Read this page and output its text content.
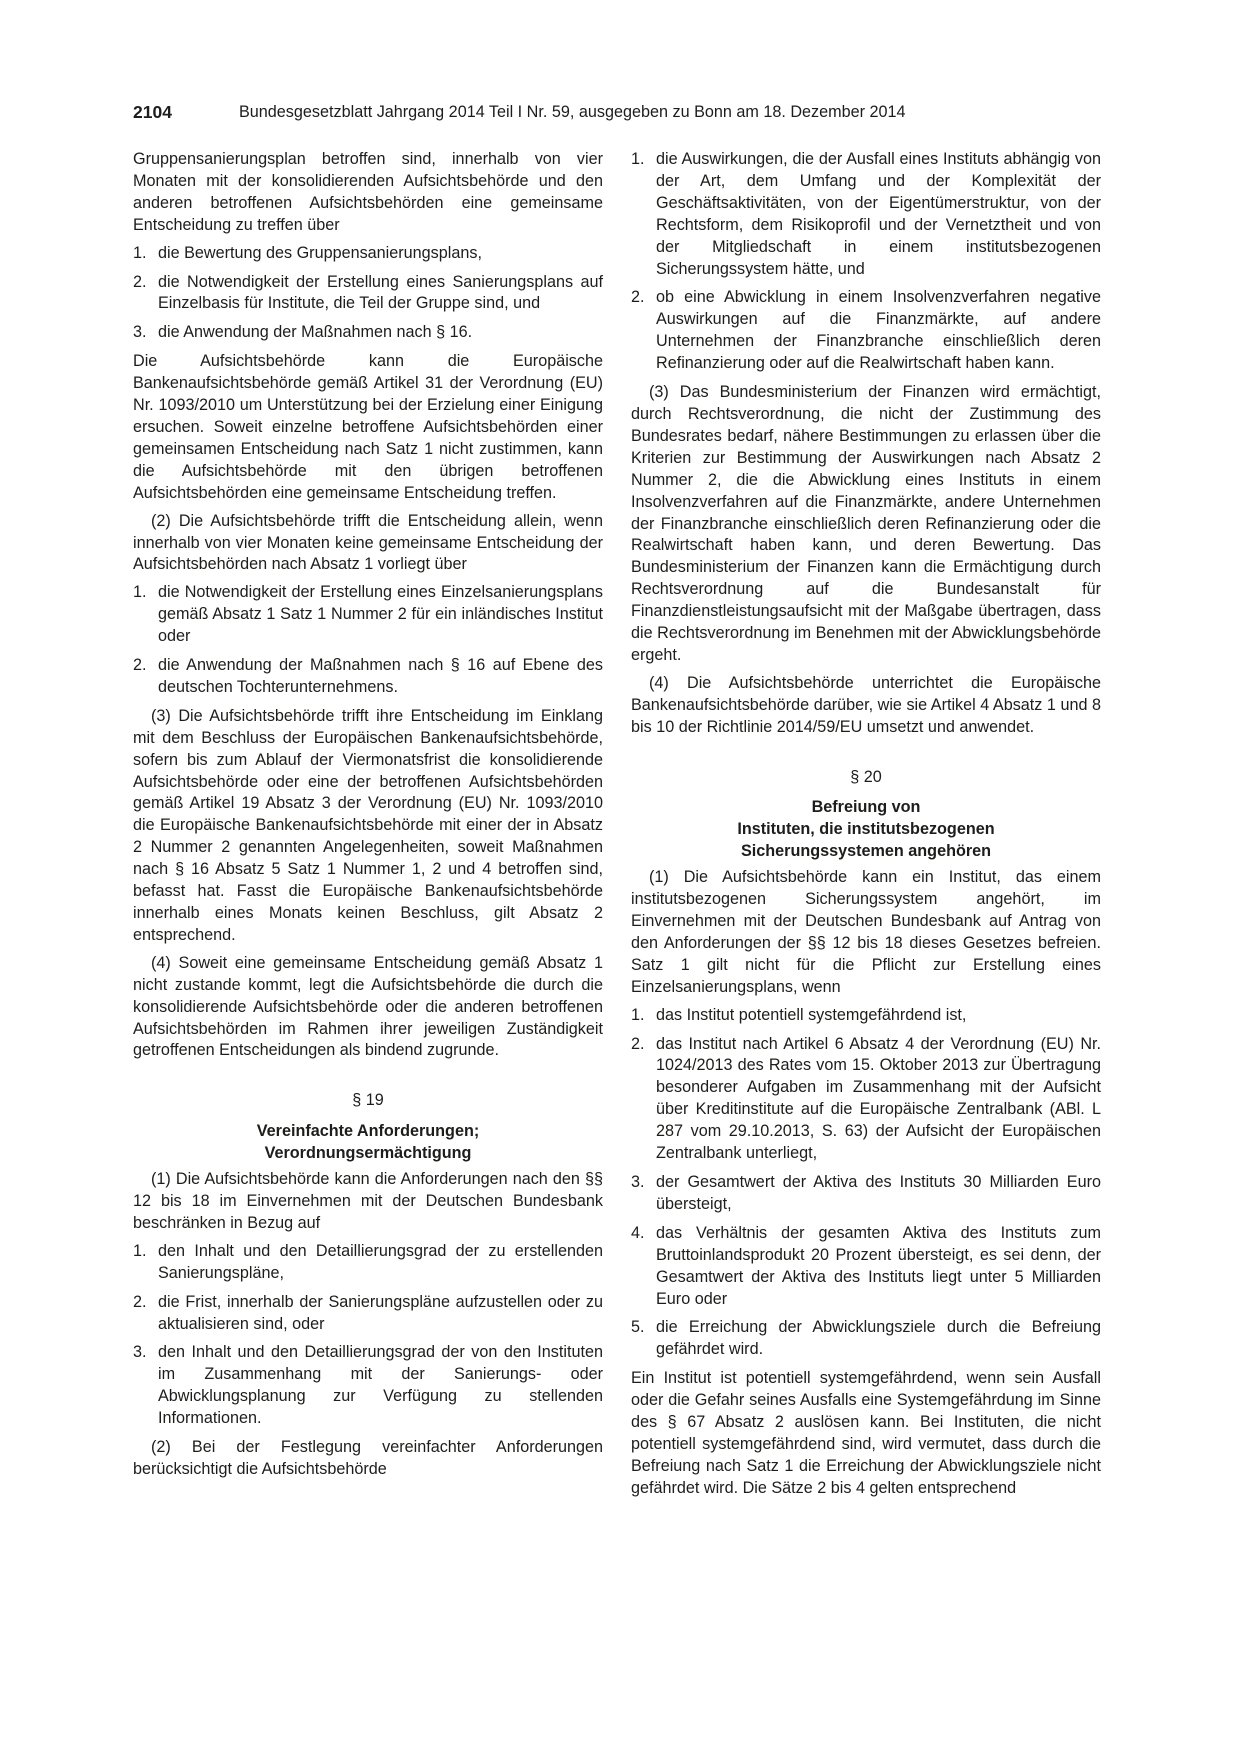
2104	Bundesgesetzblatt Jahrgang 2014 Teil I Nr. 59, ausgegeben zu Bonn am 18. Dezember 2014

Gruppensanierungsplan betroffen sind, innerhalb von vier Monaten mit der konsolidierenden Aufsichtsbehörde und den anderen betroffenen Aufsichtsbehörden eine gemeinsame Entscheidung zu treffen über

1. die Bewertung des Gruppensanierungsplans,
2. die Notwendigkeit der Erstellung eines Sanierungsplans auf Einzelbasis für Institute, die Teil der Gruppe sind, und
3. die Anwendung der Maßnahmen nach § 16.

Die Aufsichtsbehörde kann die Europäische Bankenaufsichtsbehörde gemäß Artikel 31 der Verordnung (EU) Nr. 1093/2010 um Unterstützung bei der Erzielung einer Einigung ersuchen. Soweit einzelne betroffene Aufsichtsbehörden einer gemeinsamen Entscheidung nach Satz 1 nicht zustimmen, kann die Aufsichtsbehörde mit den übrigen betroffenen Aufsichtsbehörden eine gemeinsame Entscheidung treffen.

(2) Die Aufsichtsbehörde trifft die Entscheidung allein, wenn innerhalb von vier Monaten keine gemeinsame Entscheidung der Aufsichtsbehörden nach Absatz 1 vorliegt über

1. die Notwendigkeit der Erstellung eines Einzelsanierungsplans gemäß Absatz 1 Satz 1 Nummer 2 für ein inländisches Institut oder
2. die Anwendung der Maßnahmen nach § 16 auf Ebene des deutschen Tochterunternehmens.

(3) Die Aufsichtsbehörde trifft ihre Entscheidung im Einklang mit dem Beschluss der Europäischen Bankenaufsichtsbehörde, sofern bis zum Ablauf der Viermonatsfrist die konsolidierende Aufsichtsbehörde oder eine der betroffenen Aufsichtsbehörden gemäß Artikel 19 Absatz 3 der Verordnung (EU) Nr. 1093/2010 die Europäische Bankenaufsichtsbehörde mit einer der in Absatz 2 Nummer 2 genannten Angelegenheiten, soweit Maßnahmen nach § 16 Absatz 5 Satz 1 Nummer 1, 2 und 4 betroffen sind, befasst hat. Fasst die Europäische Bankenaufsichtsbehörde innerhalb eines Monats keinen Beschluss, gilt Absatz 2 entsprechend.

(4) Soweit eine gemeinsame Entscheidung gemäß Absatz 1 nicht zustande kommt, legt die Aufsichtsbehörde die durch die konsolidierende Aufsichtsbehörde oder die anderen betroffenen Aufsichtsbehörden im Rahmen ihrer jeweiligen Zuständigkeit getroffenen Entscheidungen als bindend zugrunde.

§ 19
Vereinfachte Anforderungen;
Verordnungsermächtigung

(1) Die Aufsichtsbehörde kann die Anforderungen nach den §§ 12 bis 18 im Einvernehmen mit der Deutschen Bundesbank beschränken in Bezug auf

1. den Inhalt und den Detaillierungsgrad der zu erstellenden Sanierungspläne,
2. die Frist, innerhalb der Sanierungspläne aufzustellen oder zu aktualisieren sind, oder
3. den Inhalt und den Detaillierungsgrad der von den Instituten im Zusammenhang mit der Sanierungs- oder Abwicklungsplanung zur Verfügung zu stellenden Informationen.

(2) Bei der Festlegung vereinfachter Anforderungen berücksichtigt die Aufsichtsbehörde

1. die Auswirkungen, die der Ausfall eines Instituts abhängig von der Art, dem Umfang und der Komplexität der Geschäftsaktivitäten, von der Eigentümerstruktur, von der Rechtsform, dem Risikoprofil und der Vernetztheit und von der Mitgliedschaft in einem institutsbezogenen Sicherungssystem hätte, und
2. ob eine Abwicklung in einem Insolvenzverfahren negative Auswirkungen auf die Finanzmärkte, auf andere Unternehmen der Finanzbranche einschließlich deren Refinanzierung oder auf die Realwirtschaft haben kann.

(3) Das Bundesministerium der Finanzen wird ermächtigt, durch Rechtsverordnung, die nicht der Zustimmung des Bundesrates bedarf, nähere Bestimmungen zu erlassen über die Kriterien zur Bestimmung der Auswirkungen nach Absatz 2 Nummer 2, die die Abwicklung eines Instituts in einem Insolvenzverfahren auf die Finanzmärkte, andere Unternehmen der Finanzbranche einschließlich deren Refinanzierung oder die Realwirtschaft haben kann, und deren Bewertung. Das Bundesministerium der Finanzen kann die Ermächtigung durch Rechtsverordnung auf die Bundesanstalt für Finanzdienstleistungsaufsicht mit der Maßgabe übertragen, dass die Rechtsverordnung im Benehmen mit der Abwicklungsbehörde ergeht.

(4) Die Aufsichtsbehörde unterrichtet die Europäische Bankenaufsichtsbehörde darüber, wie sie Artikel 4 Absatz 1 und 8 bis 10 der Richtlinie 2014/59/EU umsetzt und anwendet.

§ 20
Befreiung von
Instituten, die institutsbezogenen
Sicherungssystemen angehören

(1) Die Aufsichtsbehörde kann ein Institut, das einem institutsbezogenen Sicherungssystem angehört, im Einvernehmen mit der Deutschen Bundesbank auf Antrag von den Anforderungen der §§ 12 bis 18 dieses Gesetzes befreien. Satz 1 gilt nicht für die Pflicht zur Erstellung eines Einzelsanierungsplans, wenn

1. das Institut potentiell systemgefährdend ist,
2. das Institut nach Artikel 6 Absatz 4 der Verordnung (EU) Nr. 1024/2013 des Rates vom 15. Oktober 2013 zur Übertragung besonderer Aufgaben im Zusammenhang mit der Aufsicht über Kreditinstitute auf die Europäische Zentralbank (ABl. L 287 vom 29.10.2013, S. 63) der Aufsicht der Europäischen Zentralbank unterliegt,
3. der Gesamtwert der Aktiva des Instituts 30 Milliarden Euro übersteigt,
4. das Verhältnis der gesamten Aktiva des Instituts zum Bruttoinlandsprodukt 20 Prozent übersteigt, es sei denn, der Gesamtwert der Aktiva des Instituts liegt unter 5 Milliarden Euro oder
5. die Erreichung der Abwicklungsziele durch die Befreiung gefährdet wird.

Ein Institut ist potentiell systemgefährdend, wenn sein Ausfall oder die Gefahr seines Ausfalls eine Systemgefährdung im Sinne des § 67 Absatz 2 auslösen kann. Bei Instituten, die nicht potentiell systemgefährdend sind, wird vermutet, dass durch die Befreiung nach Satz 1 die Erreichung der Abwicklungsziele nicht gefährdet wird. Die Sätze 2 bis 4 gelten entsprechend
